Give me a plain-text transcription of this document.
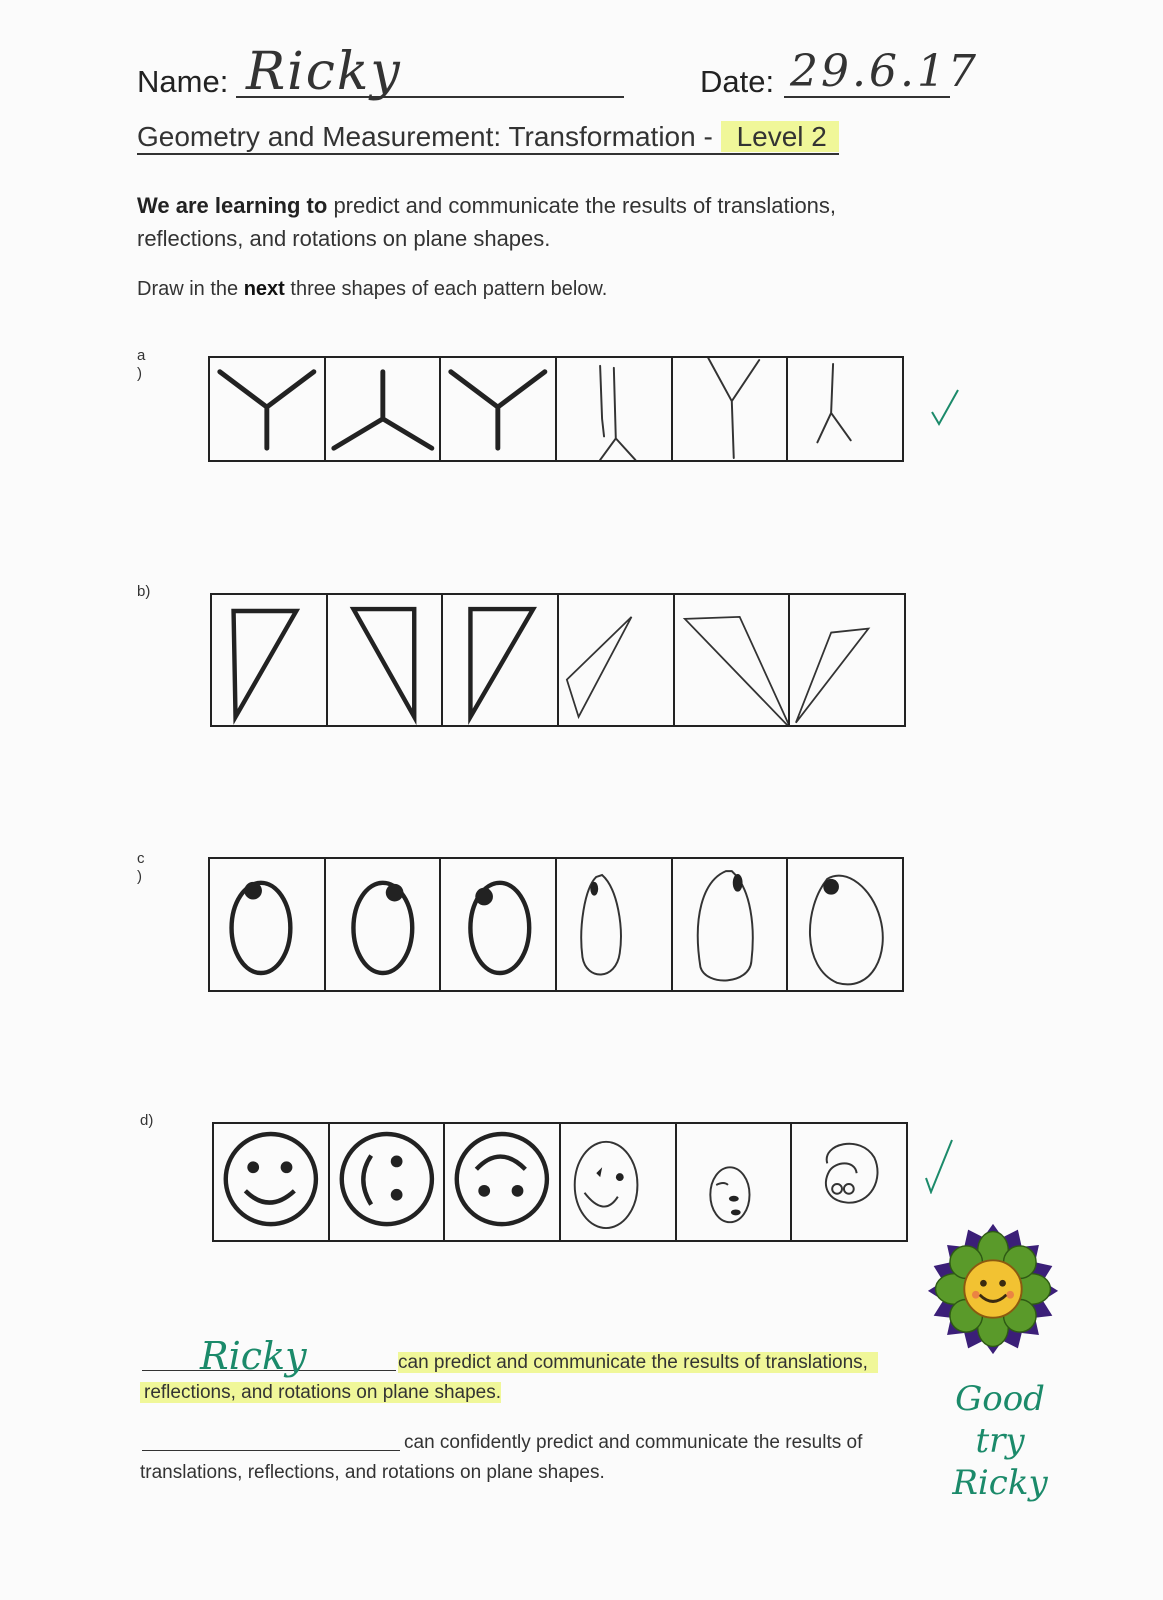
Name: Ricky	Date: 29.6.17
Geometry and Measurement: Transformation - Level 2
We are learning to predict and communicate the results of translations,
reflections, and rotations on plane shapes.
Draw in the next three shapes of each pattern below.
a
)
b)
c
)
d)
Ricky	can predict and communicate the results of translations,
reflections, and rotations on plane shapes.
can confidently predict and communicate the results of
translations, reflections, and rotations on plane shapes.
Good
try
Ricky
